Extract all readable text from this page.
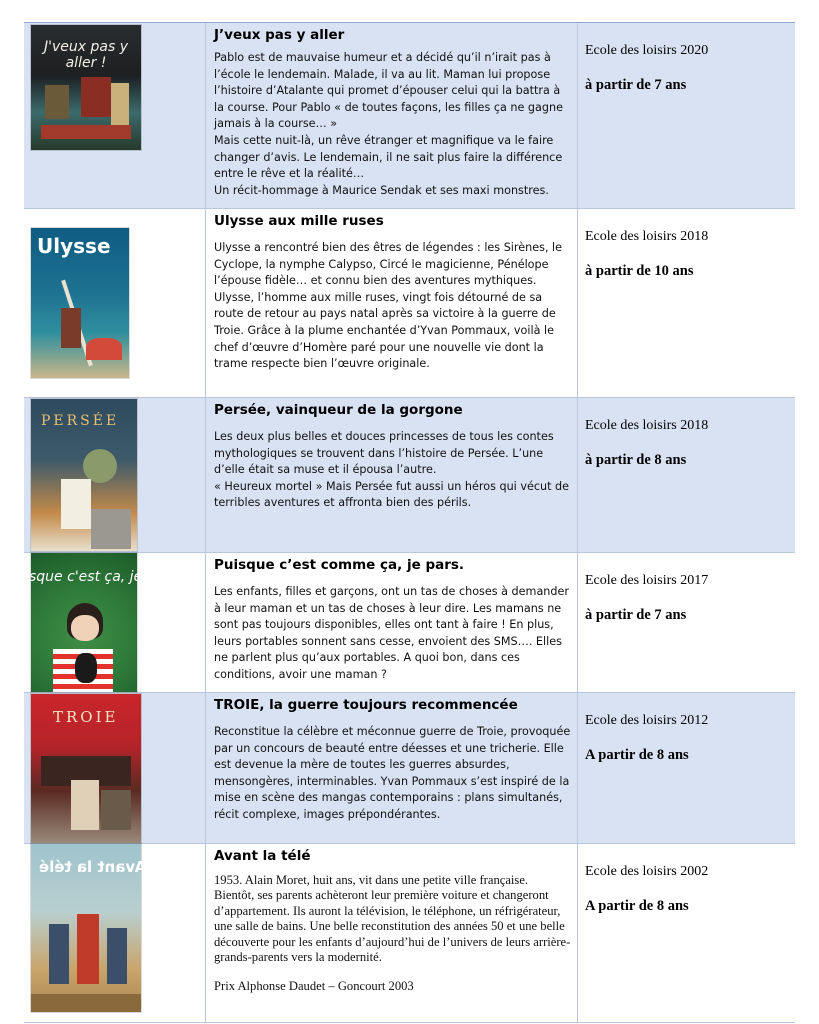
J'veux pas y aller !
J’veux pas y aller

Pablo est de mauvaise humeur et a décidé qu’il n’irait pas à l’école le lendemain. Malade, il va au lit. Maman lui propose l’histoire d’Atalante qui promet d’épouser celui qui la battra à la course. Pour Pablo « de toutes façons, les filles ça ne gagne jamais à la course… »

Mais cette nuit-là, un rêve étranger et magnifique va le faire changer d’avis. Le lendemain, il ne sait plus faire la différence entre le rêve et la réalité…

Un récit-hommage à Maurice Sendak et ses maxi monstres.

Ecole des loisirs 2020
à partir de 7 ans
Ulysse
Ulysse aux mille ruses

Ulysse a rencontré bien des êtres de légendes : les Sirènes, le Cyclope, la nymphe Calypso, Circé le magicienne, Pénélope l’épouse fidèle… et connu bien des aventures mythiques. Ulysse, l’homme aux mille ruses, vingt fois détourné de sa route de retour au pays natal après sa victoire à la guerre de Troie. Grâce à la plume enchantée d’Yvan Pommaux, voilà le chef d’œuvre d’Homère paré pour une nouvelle vie dont la trame respecte bien l’œuvre originale.

Ecole des loisirs 2018
à partir de 10 ans
PERSÉE
Persée, vainqueur de la gorgone

Les deux plus belles et douces princesses de tous les contes mythologiques se trouvent dans l’histoire de Persée. L’une d’elle était sa muse et il épousa l’autre.

« Heureux mortel » Mais Persée fut aussi un héros qui vécut de terribles aventures et affronta bien des périls.

Ecole des loisirs 2018
à partir de 8 ans
sque c'est ça, je p
Puisque c’est comme ça, je pars.

Les enfants, filles et garçons, ont un tas de choses à demander à leur maman et un tas de choses à leur dire. Les mamans ne sont pas toujours disponibles, elles ont tant à faire ! En plus, leurs portables sonnent sans cesse, envoient des SMS…. Elles ne parlent plus qu’aux portables. A quoi bon, dans ces conditions, avoir une maman ?

Ecole des loisirs 2017
à partir de 7 ans
TROIE
TROIE, la guerre toujours recommencée

Reconstitue la célèbre et méconnue guerre de Troie, provoquée par un concours de beauté entre déesses et une tricherie. Elle est devenue la mère de toutes les guerres absurdes, mensongères, interminables. Yvan Pommaux s’est inspiré de la mise en scène des mangas contemporains : plans simultanés, récit complexe, images prépondérantes.

Ecole des loisirs 2012
A partir de 8 ans
Avant la télé
Avant la télé

1953. Alain Moret, huit ans, vit dans une petite ville française. Bientôt, ses parents achèteront leur première voiture et changeront d’appartement. Ils auront la télévision, le téléphone, un réfrigérateur, une salle de bains. Une belle reconstitution des années 50 et une belle découverte pour les enfants d’aujourd’hui de l’univers de leurs arrière-grands-parents vers la modernité.

Prix Alphonse Daudet – Goncourt 2003

Ecole des loisirs 2002
A partir de 8 ans
